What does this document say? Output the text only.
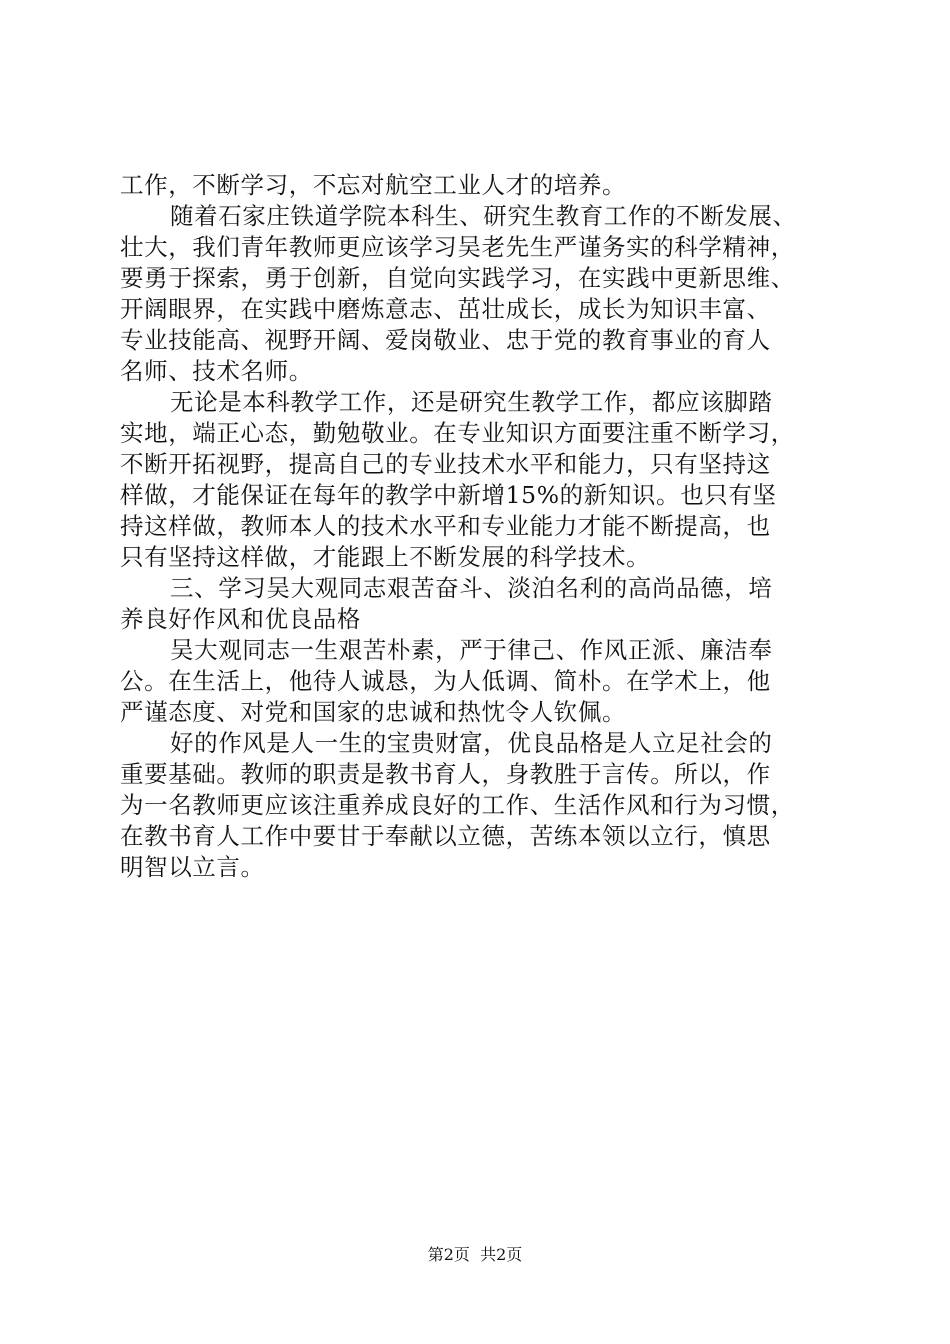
工作，不断学习，不忘对航空工业人才的培养。
随着石家庄铁道学院本科生、研究生教育工作的不断发展、
壮大，我们青年教师更应该学习吴老先生严谨务实的科学精神，
要勇于探索，勇于创新，自觉向实践学习，在实践中更新思维、
开阔眼界，在实践中磨炼意志、茁壮成长，成长为知识丰富、
专业技能高、视野开阔、爱岗敬业、忠于党的教育事业的育人
名师、技术名师。
无论是本科教学工作，还是研究生教学工作，都应该脚踏
实地，端正心态，勤勉敬业。在专业知识方面要注重不断学习，
不断开拓视野，提高自己的专业技术水平和能力，只有坚持这
样做，才能保证在每年的教学中新增15%的新知识。也只有坚
持这样做，教师本人的技术水平和专业能力才能不断提高，也
只有坚持这样做，才能跟上不断发展的科学技术。
三、学习吴大观同志艰苦奋斗、淡泊名利的高尚品德，培
养良好作风和优良品格
吴大观同志一生艰苦朴素，严于律己、作风正派、廉洁奉
公。在生活上，他待人诚恳，为人低调、简朴。在学术上，他
严谨态度、对党和国家的忠诚和热忱令人钦佩。
好的作风是人一生的宝贵财富，优良品格是人立足社会的
重要基础。教师的职责是教书育人，身教胜于言传。所以，作
为一名教师更应该注重养成良好的工作、生活作风和行为习惯，
在教书育人工作中要甘于奉献以立德，苦练本领以立行，慎思
明智以立言。
第2页  共2页
